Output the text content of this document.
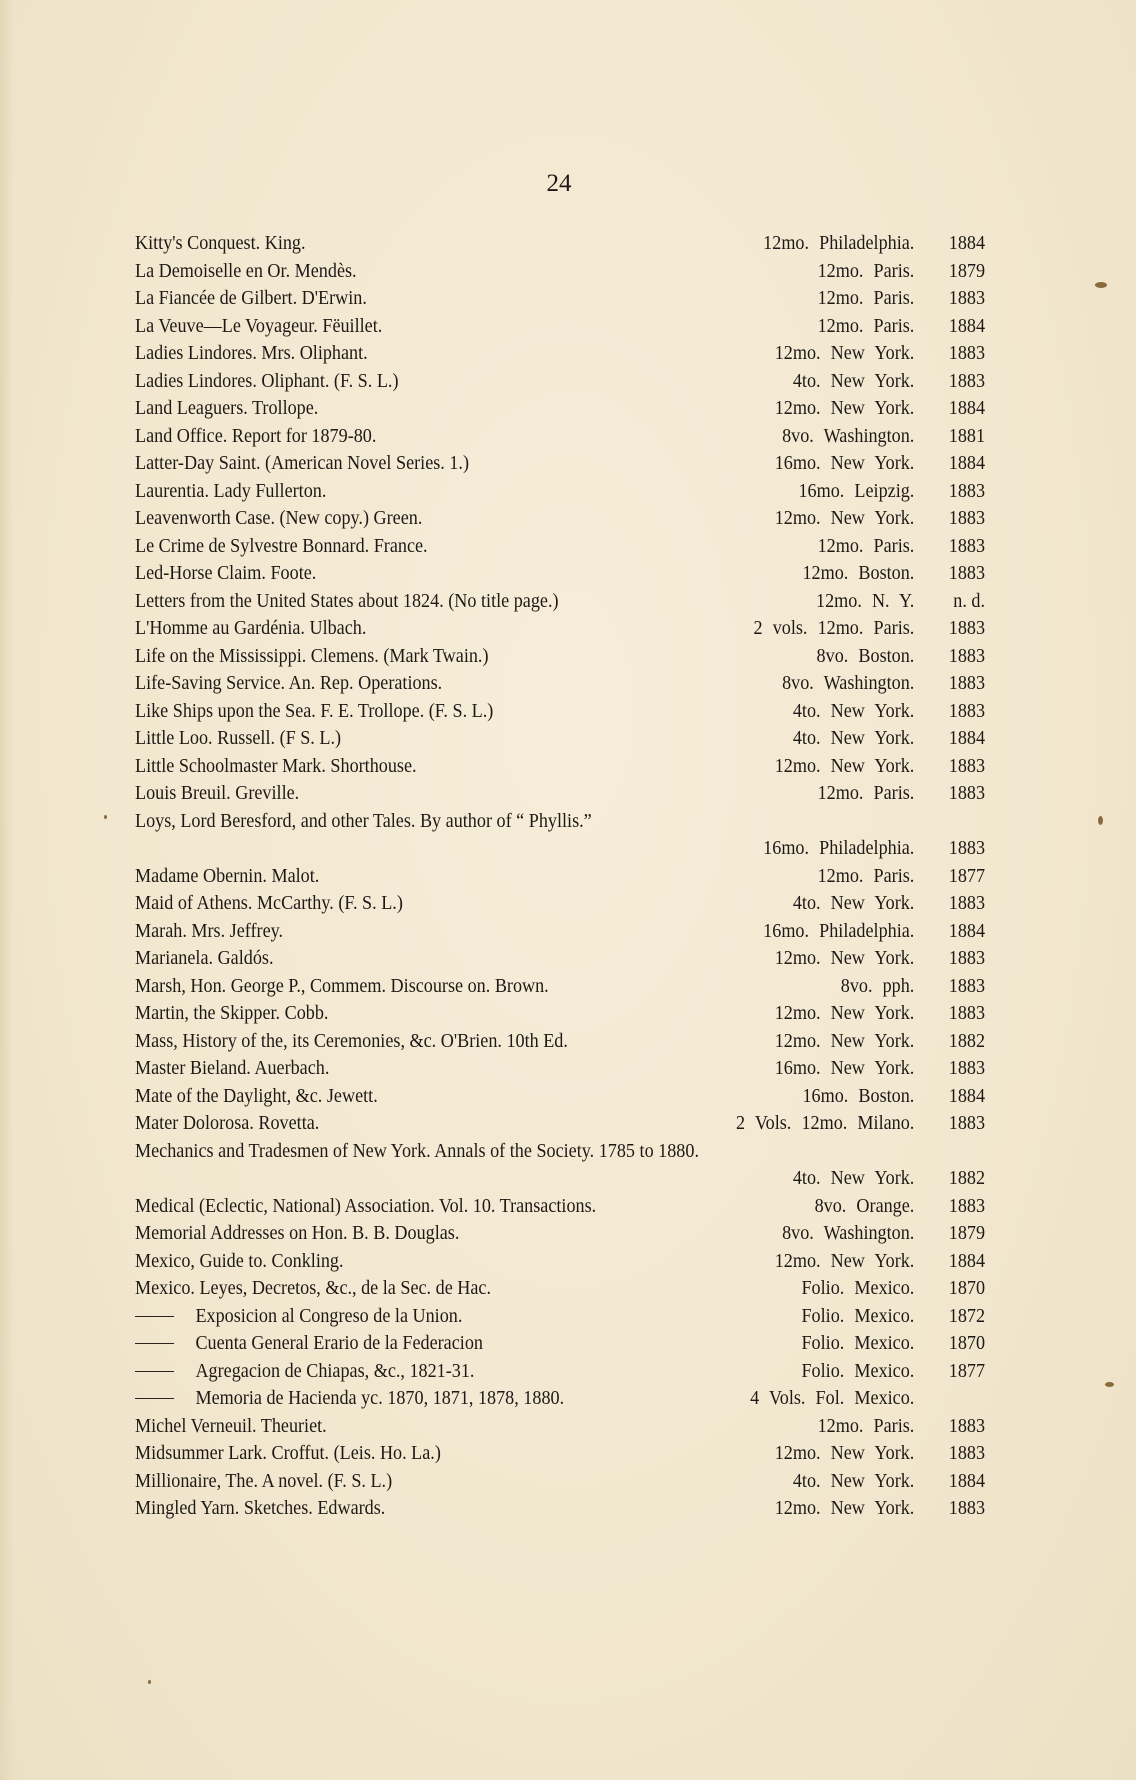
24
Kitty's Conquest. King.	12mo. Philadelphia.	1884
La Demoiselle en Or. Mendès.	12mo. Paris.	1879
La Fiancée de Gilbert. D'Erwin.	12mo. Paris.	1883
La Veuve—Le Voyageur. Fëuillet.	12mo. Paris.	1884
Ladies Lindores. Mrs. Oliphant.	12mo. New York.	1883
Ladies Lindores. Oliphant. (F. S. L.)	4to. New York.	1883
Land Leaguers. Trollope.	12mo. New York.	1884
Land Office. Report for 1879-80.	8vo. Washington.	1881
Latter-Day Saint. (American Novel Series. 1.)	16mo. New York.	1884
Laurentia. Lady Fullerton.	16mo. Leipzig.	1883
Leavenworth Case. (New copy.) Green.	12mo. New York.	1883
Le Crime de Sylvestre Bonnard. France.	12mo. Paris.	1883
Led-Horse Claim. Foote.	12mo. Boston.	1883
Letters from the United States about 1824. (No title page.)	12mo. N. Y.	n. d.
L'Homme au Gardénia. Ulbach.	2 vols. 12mo. Paris.	1883
Life on the Mississippi. Clemens. (Mark Twain.)	8vo. Boston.	1883
Life-Saving Service. An. Rep. Operations.	8vo. Washington.	1883
Like Ships upon the Sea. F. E. Trollope. (F. S. L.)	4to. New York.	1883
Little Loo. Russell. (F S. L.)	4to. New York.	1884
Little Schoolmaster Mark. Shorthouse.	12mo. New York.	1883
Louis Breuil. Greville.	12mo. Paris.	1883
Loys, Lord Beresford, and other Tales. By author of “ Phyllis.”
16mo. Philadelphia.	1883
Madame Obernin. Malot.	12mo. Paris.	1877
Maid of Athens. McCarthy. (F. S. L.)	4to. New York.	1883
Marah. Mrs. Jeffrey.	16mo. Philadelphia.	1884
Marianela. Galdós.	12mo. New York.	1883
Marsh, Hon. George P., Commem. Discourse on. Brown.	8vo. pph.	1883
Martin, the Skipper. Cobb.	12mo. New York.	1883
Mass, History of the, its Ceremonies, &c. O'Brien. 10th Ed.	12mo. New York.	1882
Master Bieland. Auerbach.	16mo. New York.	1883
Mate of the Daylight, &c. Jewett.	16mo. Boston.	1884
Mater Dolorosa. Rovetta.	2 Vols. 12mo. Milano.	1883
Mechanics and Tradesmen of New York. Annals of the Society. 1785 to 1880.
4to. New York.	1882
Medical (Eclectic, National) Association. Vol. 10. Transactions.	8vo. Orange.	1883
Memorial Addresses on Hon. B. B. Douglas.	8vo. Washington.	1879
Mexico, Guide to. Conkling.	12mo. New York.	1884
Mexico. Leyes, Decretos, &c., de la Sec. de Hac.	Folio. Mexico.	1870
Exposicion al Congreso de la Union.	Folio. Mexico.	1872
Cuenta General Erario de la Federacion	Folio. Mexico.	1870
Agregacion de Chiapas, &c., 1821-31.	Folio. Mexico.	1877
Memoria de Hacienda yc. 1870, 1871, 1878, 1880.	4 Vols. Fol. Mexico.
Michel Verneuil. Theuriet.	12mo. Paris.	1883
Midsummer Lark. Croffut. (Leis. Ho. La.)	12mo. New York.	1883
Millionaire, The. A novel. (F. S. L.)	4to. New York.	1884
Mingled Yarn. Sketches. Edwards.	12mo. New York.	1883
